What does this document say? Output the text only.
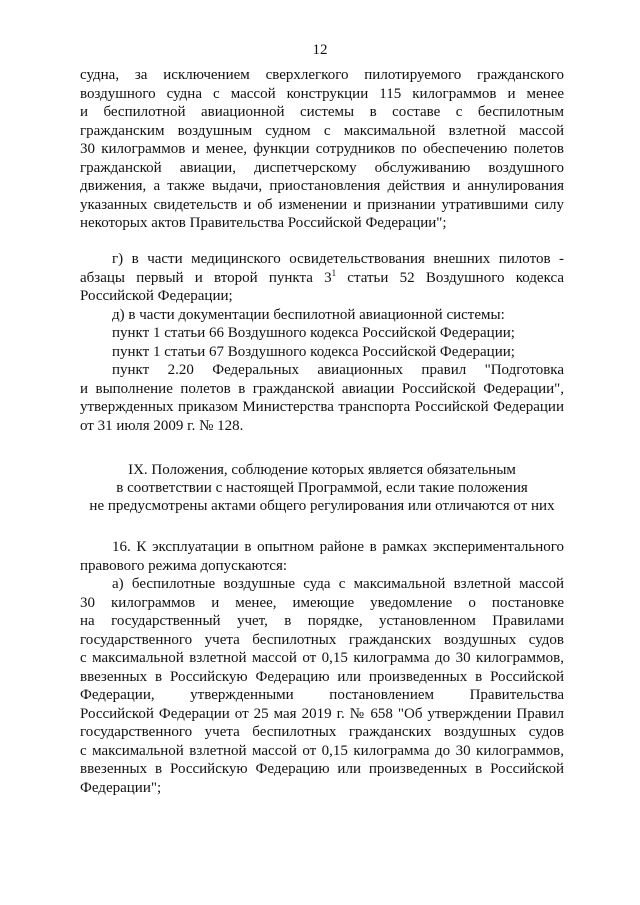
12
судна, за исключением сверхлегкого пилотируемого гражданского
воздушного судна с массой конструкции 115 килограммов и менее
и беспилотной авиационной системы в составе с беспилотным
гражданским воздушным судном с максимальной взлетной массой
30 килограммов и менее, функции сотрудников по обеспечению полетов
гражданской авиации, диспетчерскому обслуживанию воздушного
движения, а также выдачи, приостановления действия и аннулирования
указанных свидетельств и об изменении и признании утратившими силу
некоторых актов Правительства Российской Федерации";
г) в части медицинского освидетельствования внешних пилотов -
абзацы первый и второй пункта $3^1$ статьи 52 Воздушного кодекса
Российской Федерации;
д) в части документации беспилотной авиационной системы:
пункт 1 статьи 66 Воздушного кодекса Российской Федерации;
пункт 1 статьи 67 Воздушного кодекса Российской Федерации;
пункт 2.20 Федеральных авиационных правил "Подготовка
и выполнение полетов в гражданской авиации Российской Федерации",
утвержденных приказом Министерства транспорта Российской Федерации
от 31 июля 2009 г. № 128.
IX. Положения, соблюдение которых является обязательным
в соответствии с настоящей Программой, если такие положения
не предусмотрены актами общего регулирования или отличаются от них
16. К эксплуатации в опытном районе в рамках экспериментального
правового режима допускаются:
а) беспилотные воздушные суда с максимальной взлетной массой
30 килограммов и менее, имеющие уведомление о постановке
на государственный учет, в порядке, установленном Правилами
государственного учета беспилотных гражданских воздушных судов
с максимальной взлетной массой от 0,15 килограмма до 30 килограммов,
ввезенных в Российскую Федерацию или произведенных в Российской
Федерации, утвержденными постановлением Правительства
Российской Федерации от 25 мая 2019 г. № 658 "Об утверждении Правил
государственного учета беспилотных гражданских воздушных судов
с максимальной взлетной массой от 0,15 килограмма до 30 килограммов,
ввезенных в Российскую Федерацию или произведенных в Российской
Федерации";
